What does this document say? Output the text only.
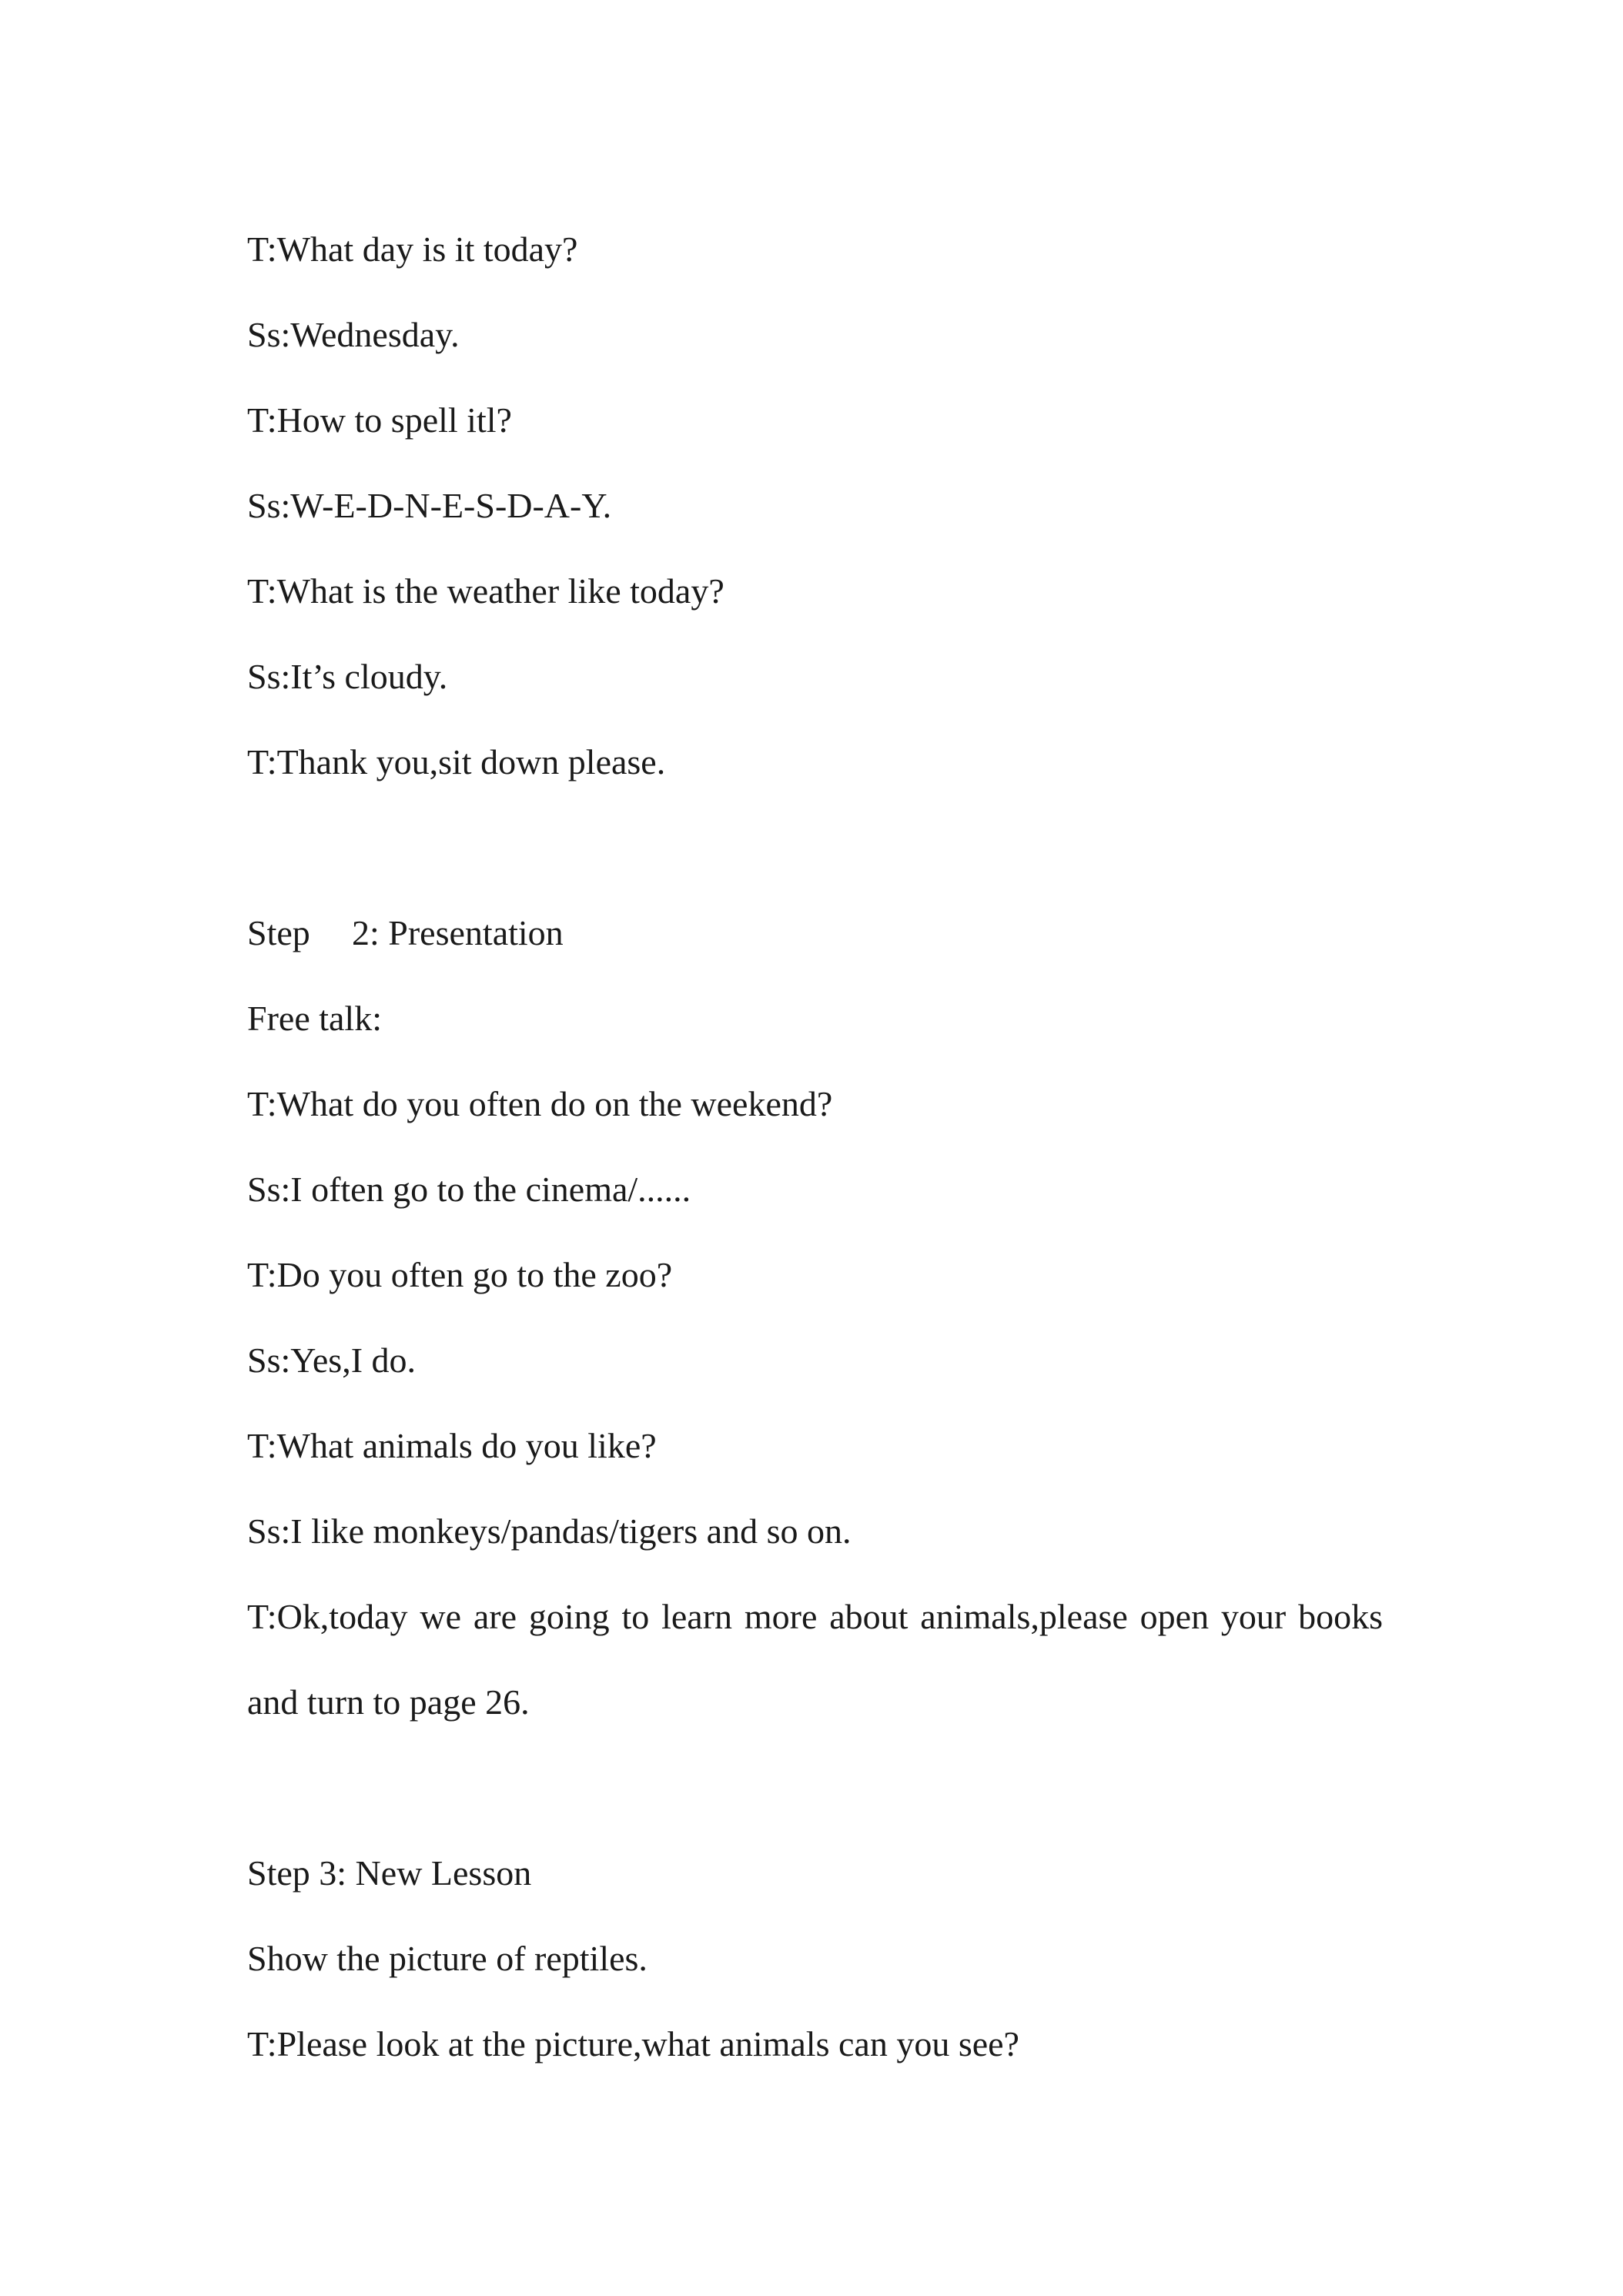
T:What day is it today?
Ss:Wednesday.
T:How to spell itl?
Ss:W-E-D-N-E-S-D-A-Y.
T:What is the weather like today?
Ss:It’s cloudy.
T:Thank you,sit down please.
Step 2: Presentation
Free talk:
T:What do you often do on the weekend?
Ss:I often go to the cinema/......
T:Do you often go to the zoo?
Ss:Yes,I do.
T:What animals do you like?
Ss:I like monkeys/pandas/tigers and so on.
T:Ok,today we are going to learn more about animals,please open your books and turn to page 26.
Step 3: New Lesson
Show the picture of reptiles.
T:Please look at the picture,what animals can you see?
